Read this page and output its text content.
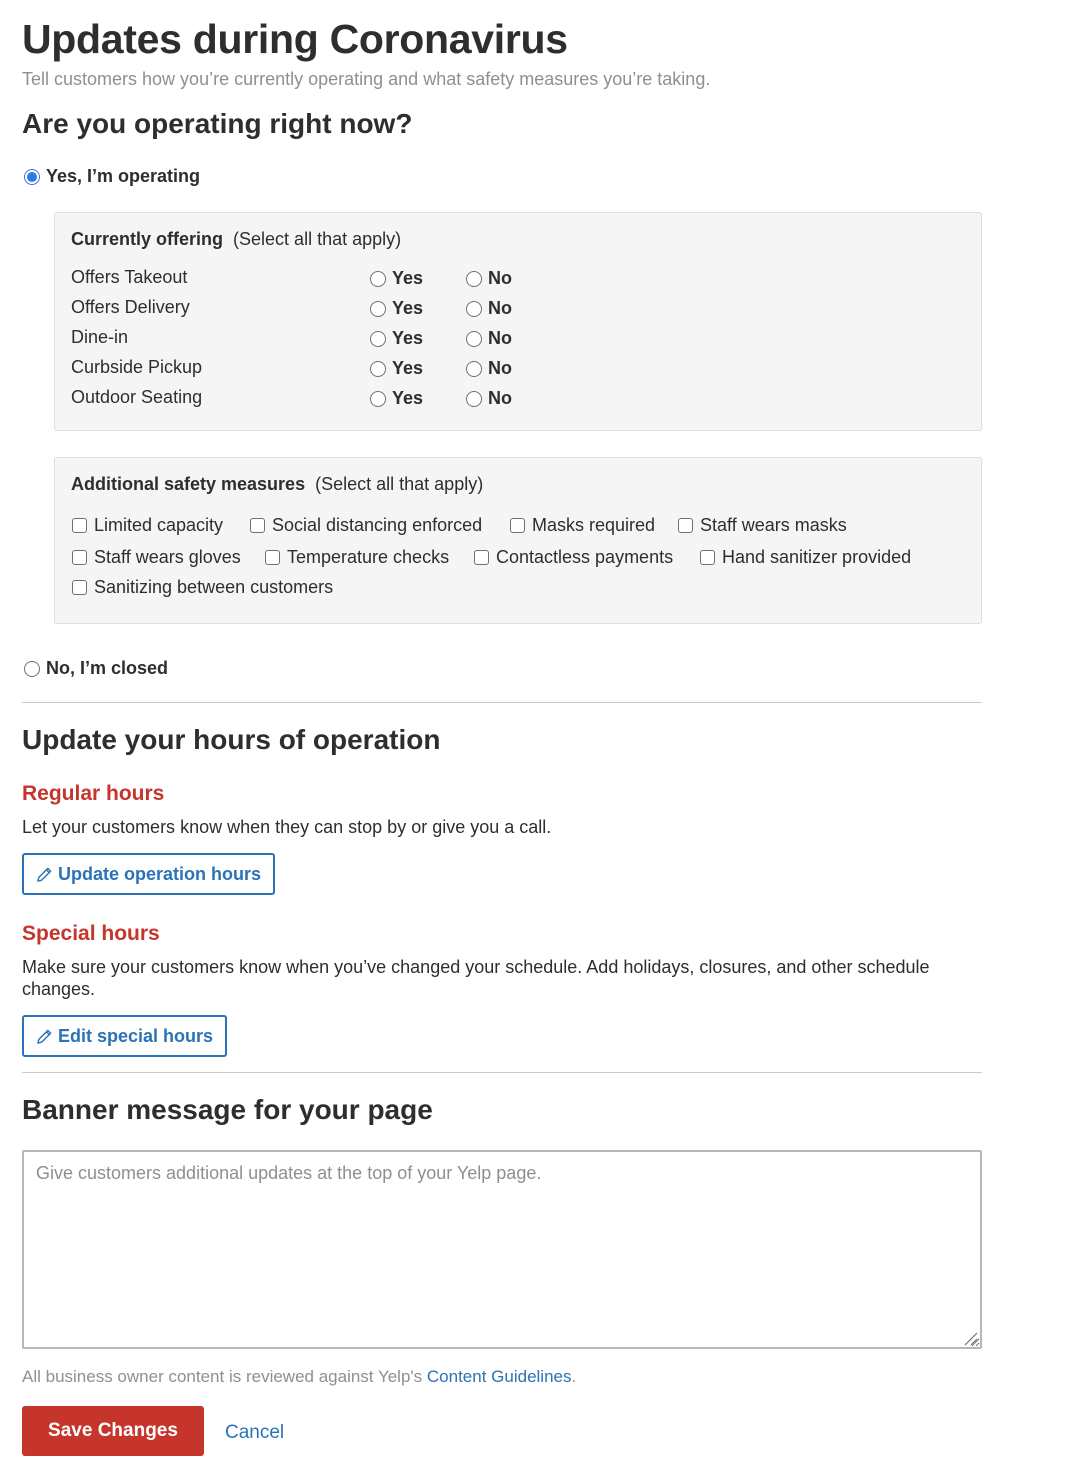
Updates during Coronavirus
Tell customers how you’re currently operating and what safety measures you’re taking.
Are you operating right now?
Yes, I’m operating
Currently offering (Select all that apply)
Offers Takeout	Yes	No
Offers Delivery	Yes	No
Dine-in	Yes	No
Curbside Pickup	Yes	No
Outdoor Seating	Yes	No
Additional safety measures (Select all that apply)
Limited capacity	Social distancing enforced	Masks required Staff wears masks
Staff wears gloves	Temperature checks	Contactless payments	Hand sanitizer provided
Sanitizing between customers
No, I’m closed
Update your hours of operation
Regular hours
Let your customers know when they can stop by or give you a call.
Update operation hours
Special hours
Make sure your customers know when you’ve changed your schedule. Add holidays, closures, and other schedule
changes.
Edit special hours
Banner message for your page
Give customers additional updates at the top of your Yelp page.
All business owner content is reviewed against Yelp's Content Guidelines.
Save Changes	Cancel
